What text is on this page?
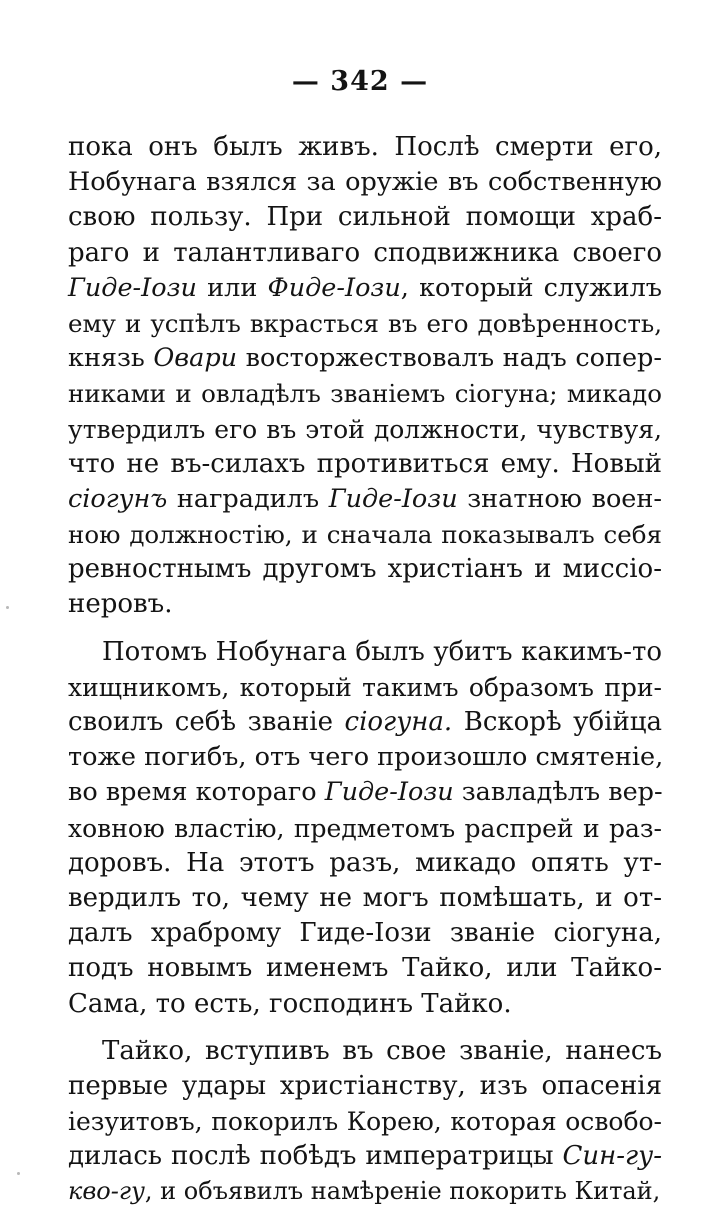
— 342 —
пока онъ былъ живъ. Послѣ смерти его,
Нобунага взялся за оружіе въ собственную
свою пользу. При сильной помощи храб-
раго и талантливаго сподвижника своего
Гиде-Іози или Фиде-Іози, который служилъ
ему и успѣлъ вкрасться въ его довѣренность,
князь Овари восторжествовалъ надъ сопер-
никами и овладѣлъ званіемъ сіогуна; микадо
утвердилъ его въ этой должности, чувствуя,
что не въ-силахъ противиться ему. Новый
сіогунъ наградилъ Гиде-Іози знатною воен-
ною должностію, и сначала показывалъ себя
ревностнымъ другомъ христіанъ и миссіо-
неровъ.
Потомъ Нобунага былъ убитъ какимъ-то
хищникомъ, который такимъ образомъ при-
своилъ себѣ званіе сіогуна. Вскорѣ убійца
тоже погибъ, отъ чего произошло смятеніе,
во время котораго Гиде-Іози завладѣлъ вер-
ховною властію, предметомъ распрей и раз-
доровъ. На этотъ разъ, микадо опять ут-
вердилъ то, чему не могъ помѣшать, и от-
далъ храброму Гиде-Іози званіе сіогуна,
подъ новымъ именемъ Тайко, или Тайко-
Сама, то есть, господинъ Тайко.
Тайко, вступивъ въ свое званіе, нанесъ
первые удары христіанству, изъ опасенія
іезуитовъ, покорилъ Корею, которая освобо-
дилась послѣ побѣдъ императрицы Син-гу-
кво-гу, и объявилъ намѣреніе покорить Китай,
